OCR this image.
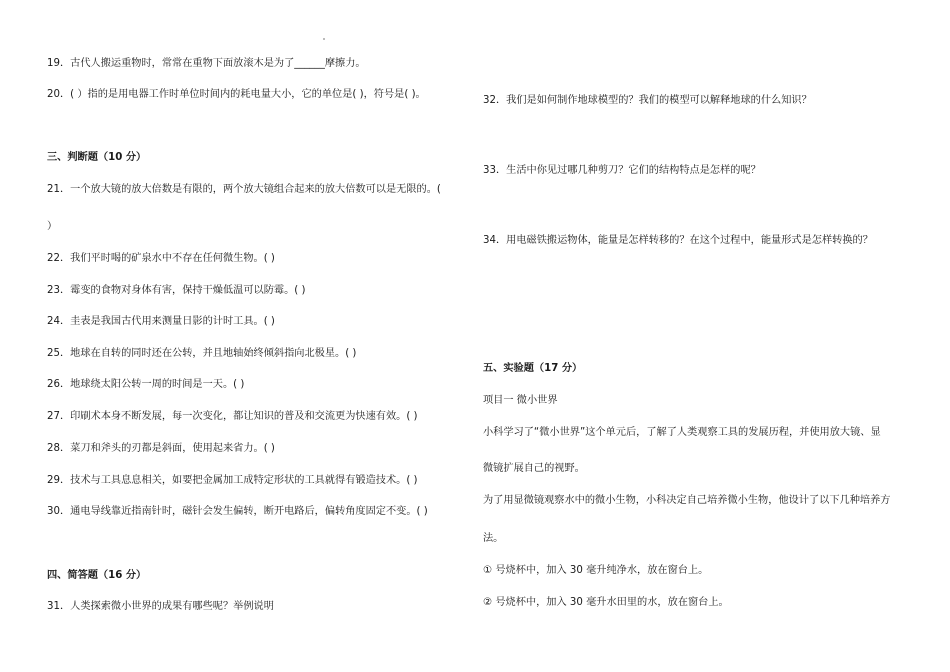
19．古代人搬运重物时，常常在重物下面放滚木是为了______摩擦力。
20．( ）指的是用电器工作时单位时间内的耗电量大小，它的单位是( )，符号是( )。
三、判断题（10 分）
21．一个放大镜的放大倍数是有限的，两个放大镜组合起来的放大倍数可以是无限的。(
）
22．我们平时喝的矿泉水中不存在任何微生物。( )
23．霉变的食物对身体有害，保持干燥低温可以防霉。( )
24．圭表是我国古代用来测量日影的计时工具。( )
25．地球在自转的同时还在公转，并且地轴始终倾斜指向北极星。( )
26．地球绕太阳公转一周的时间是一天。( )
27．印刷术本身不断发展，每一次变化，都让知识的普及和交流更为快速有效。( )
28．菜刀和斧头的刃都是斜面，使用起来省力。( )
29．技术与工具息息相关，如要把金属加工成特定形状的工具就得有锻造技术。( )
30．通电导线靠近指南针时，磁针会发生偏转，断开电路后，偏转角度固定不变。( )
四、简答题（16 分）
31．人类探索微小世界的成果有哪些呢？举例说明
32．我们是如何制作地球模型的？我们的模型可以解释地球的什么知识？
33．生活中你见过哪几种剪刀？它们的结构特点是怎样的呢？
34．用电磁铁搬运物体，能量是怎样转移的？在这个过程中，能量形式是怎样转换的？
五、实验题（17 分）
项目一 微小世界
小科学习了“微小世界”这个单元后，了解了人类观察工具的发展历程，并使用放大镜、显
微镜扩展自己的视野。
为了用显微镜观察水中的微小生物，小科决定自己培养微小生物，他设计了以下几种培养方
法。
① 号烧杯中，加入 30 毫升纯净水，放在窗台上。
② 号烧杯中，加入 30 毫升水田里的水，放在窗台上。
